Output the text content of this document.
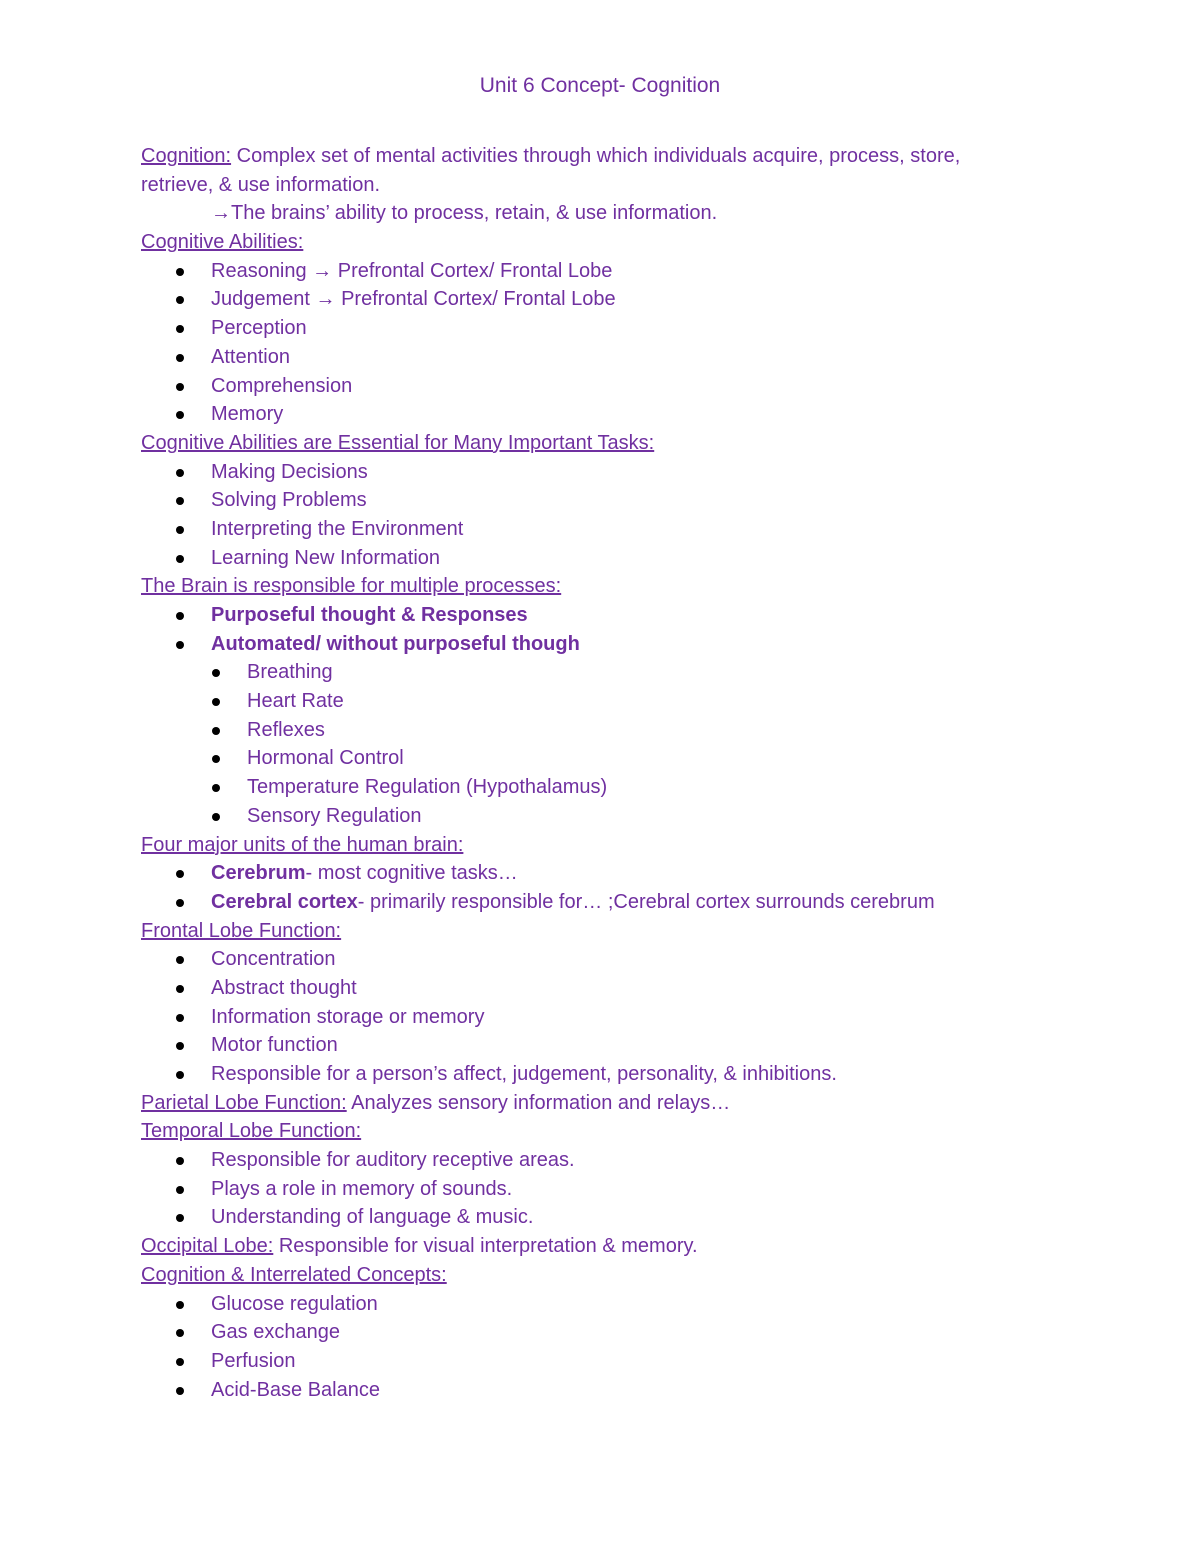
Unit 6 Concept- Cognition
Cognition: Complex set of mental activities through which individuals acquire, process, store,
retrieve, & use information.
→The brains’ ability to process, retain, & use information.
Cognitive Abilities:
Reasoning → Prefrontal Cortex/ Frontal Lobe
Judgement → Prefrontal Cortex/ Frontal Lobe
Perception
Attention
Comprehension
Memory
Cognitive Abilities are Essential for Many Important Tasks:
Making Decisions
Solving Problems
Interpreting the Environment
Learning New Information
The Brain is responsible for multiple processes:
Purposeful thought & Responses
Automated/ without purposeful though
Breathing
Heart Rate
Reflexes
Hormonal Control
Temperature Regulation (Hypothalamus)
Sensory Regulation
Four major units of the human brain:
Cerebrum- most cognitive tasks…
Cerebral cortex- primarily responsible for… ;Cerebral cortex surrounds cerebrum
Frontal Lobe Function:
Concentration
Abstract thought
Information storage or memory
Motor function
Responsible for a person’s affect, judgement, personality, & inhibitions.
Parietal Lobe Function: Analyzes sensory information and relays…
Temporal Lobe Function:
Responsible for auditory receptive areas.
Plays a role in memory of sounds.
Understanding of language & music.
Occipital Lobe: Responsible for visual interpretation & memory.
Cognition & Interrelated Concepts:
Glucose regulation
Gas exchange
Perfusion
Acid-Base Balance
